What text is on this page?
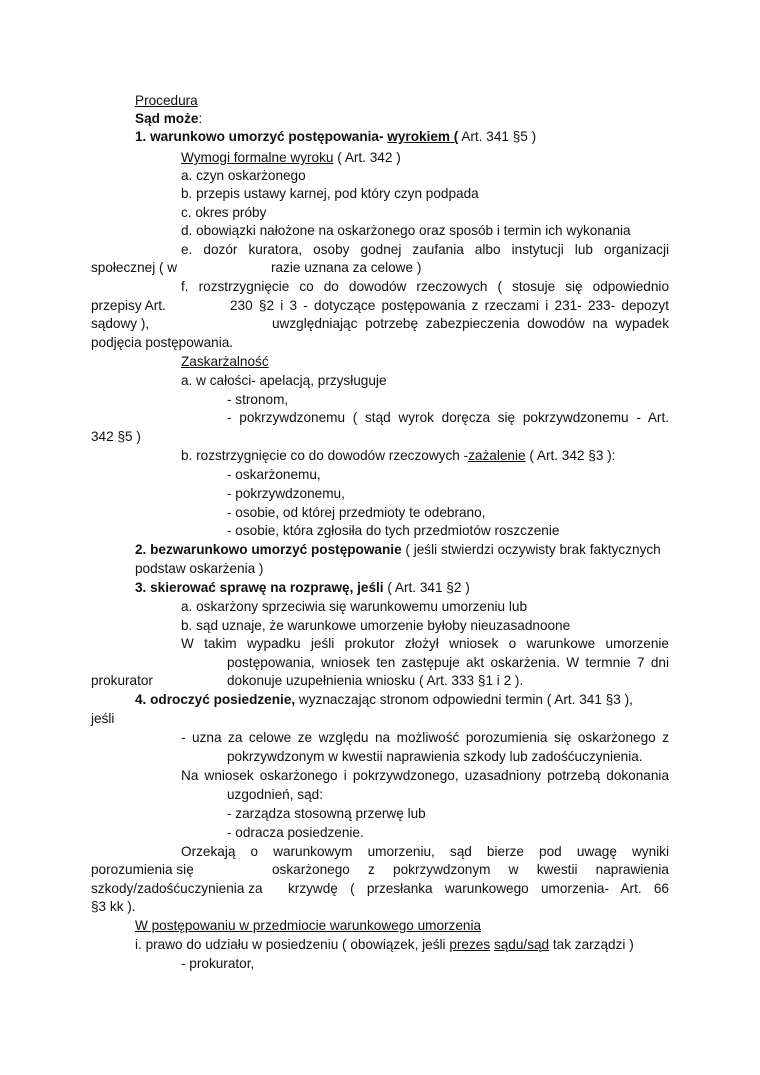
Procedura
Sąd może:
1. warunkowo umorzyć postępowania- wyrokiem ( Art. 341 §5 )
Wymogi formalne wyroku ( Art. 342 )
a. czyn oskarżonego
b. przepis ustawy karnej, pod który czyn podpada
c. okres próby
d. obowiązki nałożone na oskarżonego oraz sposób i termin ich wykonania
e. dozór kuratora, osoby godnej zaufania albo instytucji lub organizacji
społecznej ( w	razie uznana za celowe )
f. rozstrzygnięcie co do dowodów rzeczowych ( stosuje się odpowiednio
przepisy Art.	230 §2 i 3 - dotyczące postępowania z rzeczami i 231- 233- depozyt
sądowy ),	uwzględniając potrzebę zabezpieczenia dowodów na wypadek
podjęcia postępowania.
Zaskarżalność
a. w całości- apelacją, przysługuje
- stronom,
- pokrzywdzonemu ( stąd wyrok doręcza się pokrzywdzonemu - Art.
342 §5 )
b. rozstrzygnięcie co do dowodów rzeczowych -zażalenie ( Art. 342 §3 ):
- oskarżonemu,
- pokrzywdzonemu,
- osobie, od której przedmioty te odebrano,
- osobie, która zgłosiła do tych przedmiotów roszczenie
2. bezwarunkowo umorzyć postępowanie ( jeśli stwierdzi oczywisty brak faktycznych
podstaw oskarżenia )
3. skierować sprawę na rozprawę, jeśli ( Art. 341 §2 )
a. oskarżony sprzeciwia się warunkowemu umorzeniu lub
b. sąd uznaje, że warunkowe umorzenie byłoby nieuzasadnoone
W takim wypadku jeśli prokutor złożył wniosek o warunkowe umorzenie
postępowania, wniosek ten zastępuje akt oskarżenia. W termnie 7 dni
prokurator	dokonuje uzupełnienia wniosku ( Art. 333 §1 i 2 ).
4. odroczyć posiedzenie, wyznaczając stronom odpowiedni termin ( Art. 341 §3 ),
jeśli
- uzna za celowe ze względu na możliwość porozumienia się oskarżonego z
pokrzywdzonym w kwestii naprawienia szkody lub zadośćuczynienia.
Na wniosek oskarżonego i pokrzywdzonego, uzasadniony potrzebą dokonania
uzgodnień, sąd:
- zarządza stosowną przerwę lub
- odracza posiedzenie.
Orzekają o warunkowym umorzeniu, sąd bierze pod uwagę wyniki
porozumienia się	oskarżonego z pokrzywdzonym w kwestii naprawienia
szkody/zadośćuczynienia za krzywdę ( przesłanka warunkowego umorzenia- Art. 66
§3 kk ).
W postępowaniu w przedmiocie warunkowego umorzenia
i. prawo do udziału w posiedzeniu ( obowiązek, jeśli prezes sądu/sąd tak zarządzi )
- prokurator,
